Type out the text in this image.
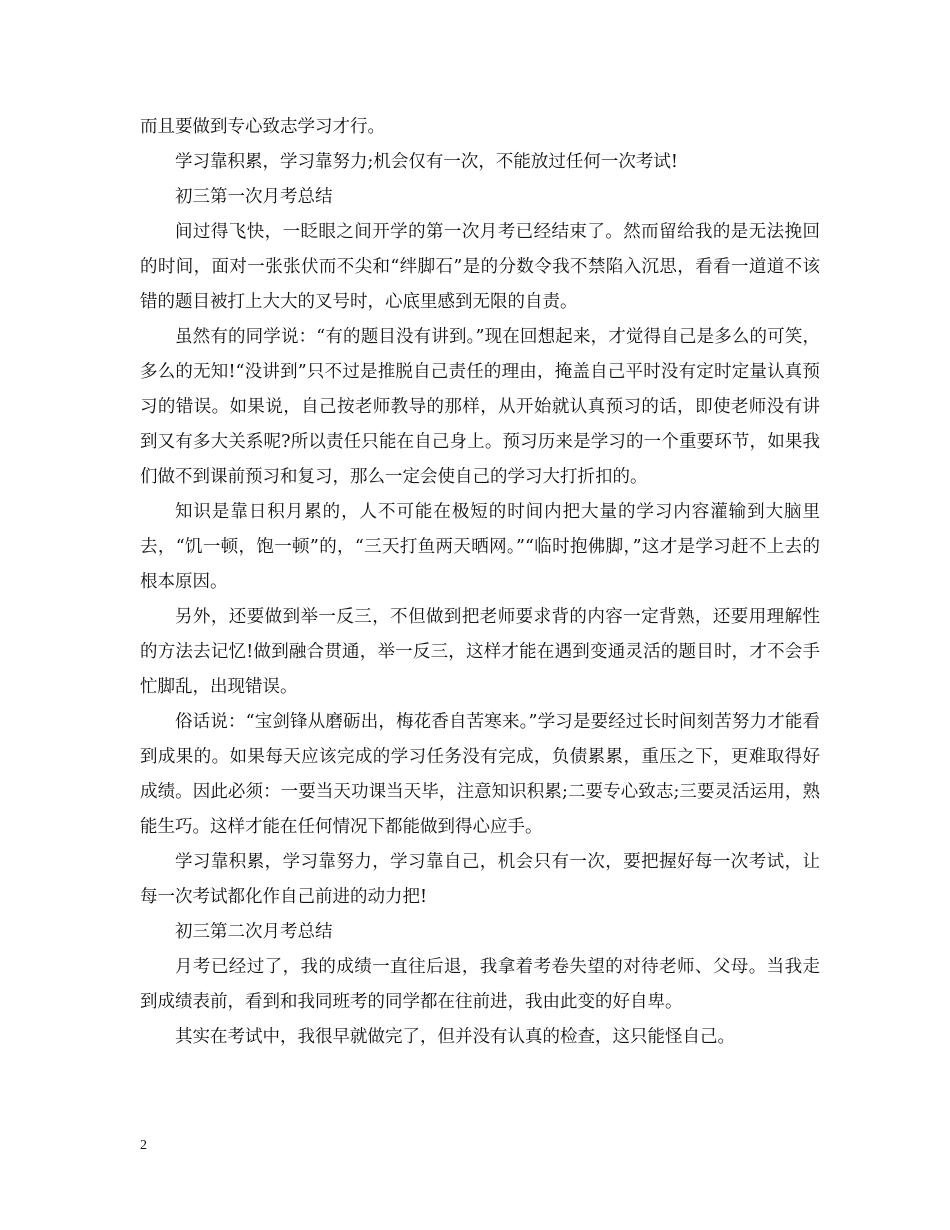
而且要做到专心致志学习才行。

学习靠积累，学习靠努力;机会仅有一次，不能放过任何一次考试!

初三第一次月考总结

间过得飞快，一眨眼之间开学的第一次月考已经结束了。然而留给我的是无法挽回的时间，面对一张张伏而不尖和“绊脚石”是的分数令我不禁陷入沉思，看看一道道不该错的题目被打上大大的叉号时，心底里感到无限的自责。

虽然有的同学说：“有的题目没有讲到。”现在回想起来，才觉得自己是多么的可笑，多么的无知!“没讲到”只不过是推脱自己责任的理由，掩盖自己平时没有定时定量认真预习的错误。如果说，自己按老师教导的那样，从开始就认真预习的话，即使老师没有讲到又有多大关系呢?所以责任只能在自己身上。预习历来是学习的一个重要环节，如果我们做不到课前预习和复习，那么一定会使自己的学习大打折扣的。

知识是靠日积月累的，人不可能在极短的时间内把大量的学习内容灌输到大脑里去，“饥一顿，饱一顿”的，“三天打鱼两天晒网。”“临时抱佛脚，”这才是学习赶不上去的根本原因。

另外，还要做到举一反三，不但做到把老师要求背的内容一定背熟，还要用理解性的方法去记忆!做到融合贯通，举一反三，这样才能在遇到变通灵活的题目时，才不会手忙脚乱，出现错误。

俗话说：“宝剑锋从磨砺出，梅花香自苦寒来。”学习是要经过长时间刻苦努力才能看到成果的。如果每天应该完成的学习任务没有完成，负债累累，重压之下，更难取得好成绩。因此必须：一要当天功课当天毕，注意知识积累;二要专心致志;三要灵活运用，熟能生巧。这样才能在任何情况下都能做到得心应手。

学习靠积累，学习靠努力，学习靠自己，机会只有一次，要把握好每一次考试，让每一次考试都化作自己前进的动力把!

初三第二次月考总结

月考已经过了，我的成绩一直往后退，我拿着考卷失望的对待老师、父母。当我走到成绩表前，看到和我同班考的同学都在往前进，我由此变的好自卑。

其实在考试中，我很早就做完了，但并没有认真的检查，这只能怪自己。

2
